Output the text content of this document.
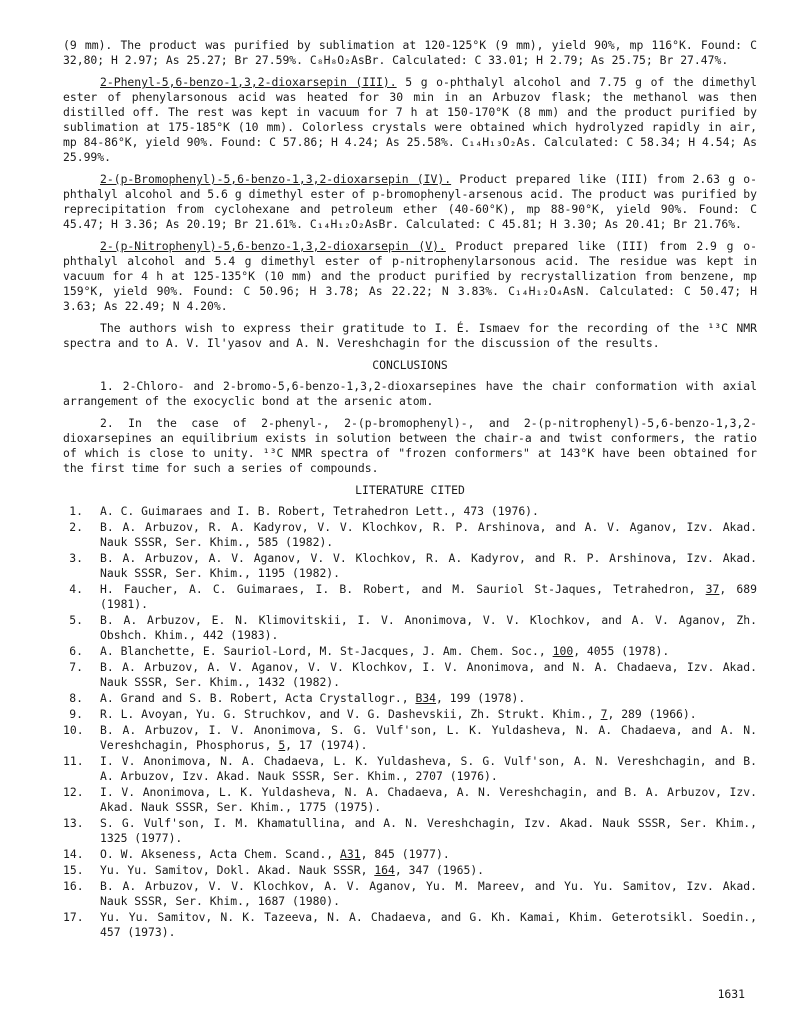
(9 mm). The product was purified by sublimation at 120-125°K (9 mm), yield 90%, mp 116°K. Found: C 32,80; H 2.97; As 25.27; Br 27.59%. C₈H₈O₂AsBr. Calculated: C 33.01; H 2.79; As 25.75; Br 27.47%.

2-Phenyl-5,6-benzo-1,3,2-dioxarsepin (III). 5 g o-phthalyl alcohol and 7.75 g of the dimethyl ester of phenylarsonous acid was heated for 30 min in an Arbuzov flask; the methanol was then distilled off. The rest was kept in vacuum for 7 h at 150-170°K (8 mm) and the product purified by sublimation at 175-185°K (10 mm). Colorless crystals were obtained which hydrolyzed rapidly in air, mp 84-86°K, yield 90%. Found: C 57.86; H 4.24; As 25.58%. C₁₄H₁₃O₂As. Calculated: C 58.34; H 4.54; As 25.99%.

2-(p-Bromophenyl)-5,6-benzo-1,3,2-dioxarsepin (IV). Product prepared like (III) from 2.63 g o-phthalyl alcohol and 5.6 g dimethyl ester of p-bromophenyl-arsenous acid. The product was purified by reprecipitation from cyclohexane and petroleum ether (40-60°K), mp 88-90°K, yield 90%. Found: C 45.47; H 3.36; As 20.19; Br 21.61%. C₁₄H₁₂O₂AsBr. Calculated: C 45.81; H 3.30; As 20.41; Br 21.76%.

2-(p-Nitrophenyl)-5,6-benzo-1,3,2-dioxarsepin (V). Product prepared like (III) from 2.9 g o-phthalyl alcohol and 5.4 g dimethyl ester of p-nitrophenylarsonous acid. The residue was kept in vacuum for 4 h at 125-135°K (10 mm) and the product purified by recrystallization from benzene, mp 159°K, yield 90%. Found: C 50.96; H 3.78; As 22.22; N 3.83%. C₁₄H₁₂O₄AsN. Calculated: C 50.47; H 3.63; As 22.49; N 4.20%.

The authors wish to express their gratitude to I. É. Ismaev for the recording of the ¹³C NMR spectra and to A. V. Il'yasov and A. N. Vereshchagin for the discussion of the results.

CONCLUSIONS

1. 2-Chloro- and 2-bromo-5,6-benzo-1,3,2-dioxarsepines have the chair conformation with axial arrangement of the exocyclic bond at the arsenic atom.

2. In the case of 2-phenyl-, 2-(p-bromophenyl)-, and 2-(p-nitrophenyl)-5,6-benzo-1,3,2-dioxarsepines an equilibrium exists in solution between the chair-a and twist conformers, the ratio of which is close to unity. ¹³C NMR spectra of "frozen conformers" at 143°K have been obtained for the first time for such a series of compounds.

LITERATURE CITED

1. A. C. Guimaraes and I. B. Robert, Tetrahedron Lett., 473 (1976).
2. B. A. Arbuzov, R. A. Kadyrov, V. V. Klochkov, R. P. Arshinova, and A. V. Aganov, Izv. Akad. Nauk SSSR, Ser. Khim., 585 (1982).
3. B. A. Arbuzov, A. V. Aganov, V. V. Klochkov, R. A. Kadyrov, and R. P. Arshinova, Izv. Akad. Nauk SSSR, Ser. Khim., 1195 (1982).
4. H. Faucher, A. C. Guimaraes, I. B. Robert, and M. Sauriol St-Jaques, Tetrahedron, 37, 689 (1981).
5. B. A. Arbuzov, E. N. Klimovitskii, I. V. Anonimova, V. V. Klochkov, and A. V. Aganov, Zh. Obshch. Khim., 442 (1983).
6. A. Blanchette, E. Sauriol-Lord, M. St-Jacques, J. Am. Chem. Soc., 100, 4055 (1978).
7. B. A. Arbuzov, A. V. Aganov, V. V. Klochkov, I. V. Anonimova, and N. A. Chadaeva, Izv. Akad. Nauk SSSR, Ser. Khim., 1432 (1982).
8. A. Grand and S. B. Robert, Acta Crystallogr., B34, 199 (1978).
9. R. L. Avoyan, Yu. G. Struchkov, and V. G. Dashevskii, Zh. Strukt. Khim., 7, 289 (1966).
10. B. A. Arbuzov, I. V. Anonimova, S. G. Vulf'son, L. K. Yuldasheva, N. A. Chadaeva, and A. N. Vereshchagin, Phosphorus, 5, 17 (1974).
11. I. V. Anonimova, N. A. Chadaeva, L. K. Yuldasheva, S. G. Vulf'son, A. N. Vereshchagin, and B. A. Arbuzov, Izv. Akad. Nauk SSSR, Ser. Khim., 2707 (1976).
12. I. V. Anonimova, L. K. Yuldasheva, N. A. Chadaeva, A. N. Vereshchagin, and B. A. Arbuzov, Izv. Akad. Nauk SSSR, Ser. Khim., 1775 (1975).
13. S. G. Vulf'son, I. M. Khamatullina, and A. N. Vereshchagin, Izv. Akad. Nauk SSSR, Ser. Khim., 1325 (1977).
14. O. W. Akseness, Acta Chem. Scand., A31, 845 (1977).
15. Yu. Yu. Samitov, Dokl. Akad. Nauk SSSR, 164, 347 (1965).
16. B. A. Arbuzov, V. V. Klochkov, A. V. Aganov, Yu. M. Mareev, and Yu. Yu. Samitov, Izv. Akad. Nauk SSSR, Ser. Khim., 1687 (1980).
17. Yu. Yu. Samitov, N. K. Tazeeva, N. A. Chadaeva, and G. Kh. Kamai, Khim. Geterotsikl. Soedin., 457 (1973).
1631
